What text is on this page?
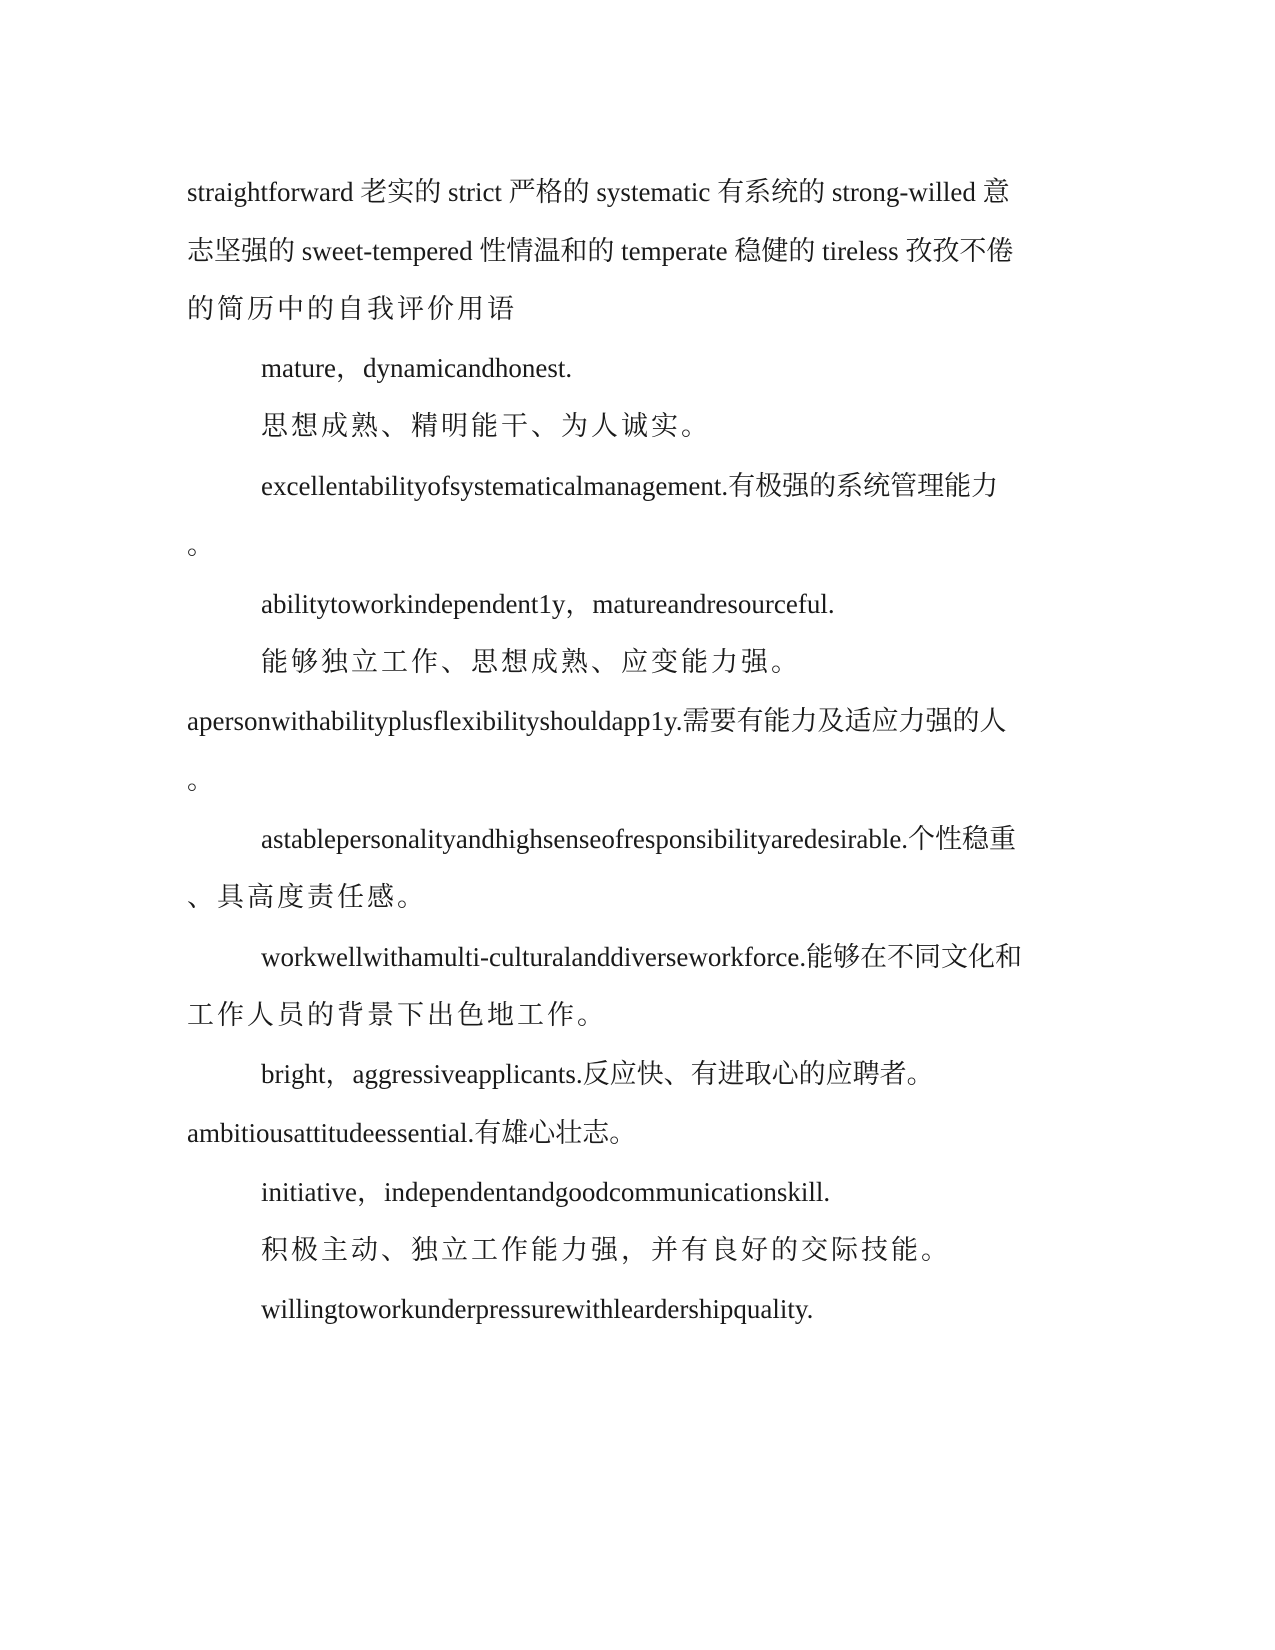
straightforward 老实的 strict 严格的 systematic 有系统的 strong-willed 意
志坚强的 sweet-tempered 性情温和的 temperate 稳健的 tireless 孜孜不倦
的简历中的自我评价用语
mature，dynamicandhonest.
思想成熟、精明能干、为人诚实。
excellentabilityofsystematicalmanagement.有极强的系统管理能力
。
abilitytoworkindependent1y，matureandresourceful.
能够独立工作、思想成熟、应变能力强。
apersonwithabilityplusflexibilityshouldapp1y.需要有能力及适应力强的人
。
astablepersonalityandhighsenseofresponsibilityaredesirable.个性稳重
、具高度责任感。
workwellwithamulti-culturalanddiverseworkforce.能够在不同文化和
工作人员的背景下出色地工作。
bright，aggressiveapplicants.反应快、有进取心的应聘者。
ambitiousattitudeessential.有雄心壮志。
initiative，independentandgoodcommunicationskill.
积极主动、独立工作能力强，并有良好的交际技能。
willingtoworkunderpressurewithleardershipquality.
